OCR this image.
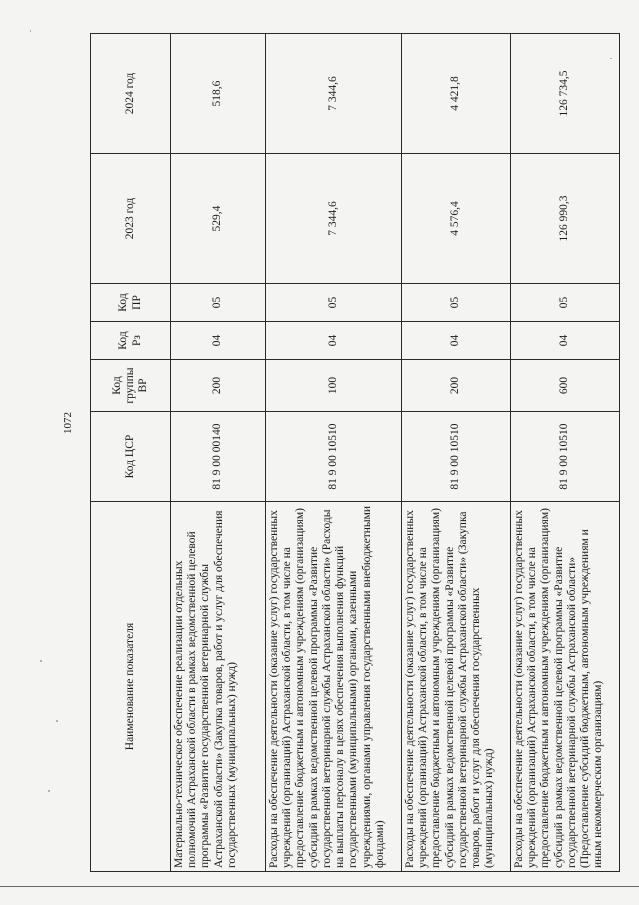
1072
Наименование показателя	Код ЦСР	Код группы ВР	Код Рз	Код ПР	2023 год	2024 год
Материально-техническое обеспечение реализации отдельных полномочий Астраханской области в рамках ведомственной целевой программы «Развитие государственной ветеринарной службы Астраханской области» (Закупка товаров, работ и услуг для обеспечения государственных (муниципальных) нужд)	81 9 00 00140	200	04	05	529,4	518,6
Расходы на обеспечение деятельности (оказание услуг) государственных учреждений (организаций) Астраханской области, в том числе на предоставление бюджетным и автономным учреждениям (организациям) субсидий в рамках ведомственной целевой программы «Развитие государственной ветеринарной службы Астраханской области» (Расходы на выплаты персоналу в целях обеспечения выполнения функций государственными (муниципальными) органами, казенными учреждениями, органами управления государственными внебюджетными фондами)	81 9 00 10510	100	04	05	7 344,6	7 344,6
Расходы на обеспечение деятельности (оказание услуг) государственных учреждений (организаций) Астраханской области, в том числе на предоставление бюджетным и автономным учреждениям (организациям) субсидий в рамках ведомственной целевой программы «Развитие государственной ветеринарной службы Астраханской области» (Закупка товаров, работ и услуг для обеспечения государственных (муниципальных) нужд)	81 9 00 10510	200	04	05	4 576,4	4 421,8
Расходы на обеспечение деятельности (оказание услуг) государственных учреждений (организаций) Астраханской области, в том числе на предоставление бюджетным и автономным учреждениям (организациям) субсидий в рамках ведомственной целевой программы «Развитие государственной ветеринарной службы Астраханской области» (Предоставление субсидий бюджетным, автономным учреждениям и иным некоммерческим организациям)	81 9 00 10510	600	04	05	126 990,3	126 734,5
